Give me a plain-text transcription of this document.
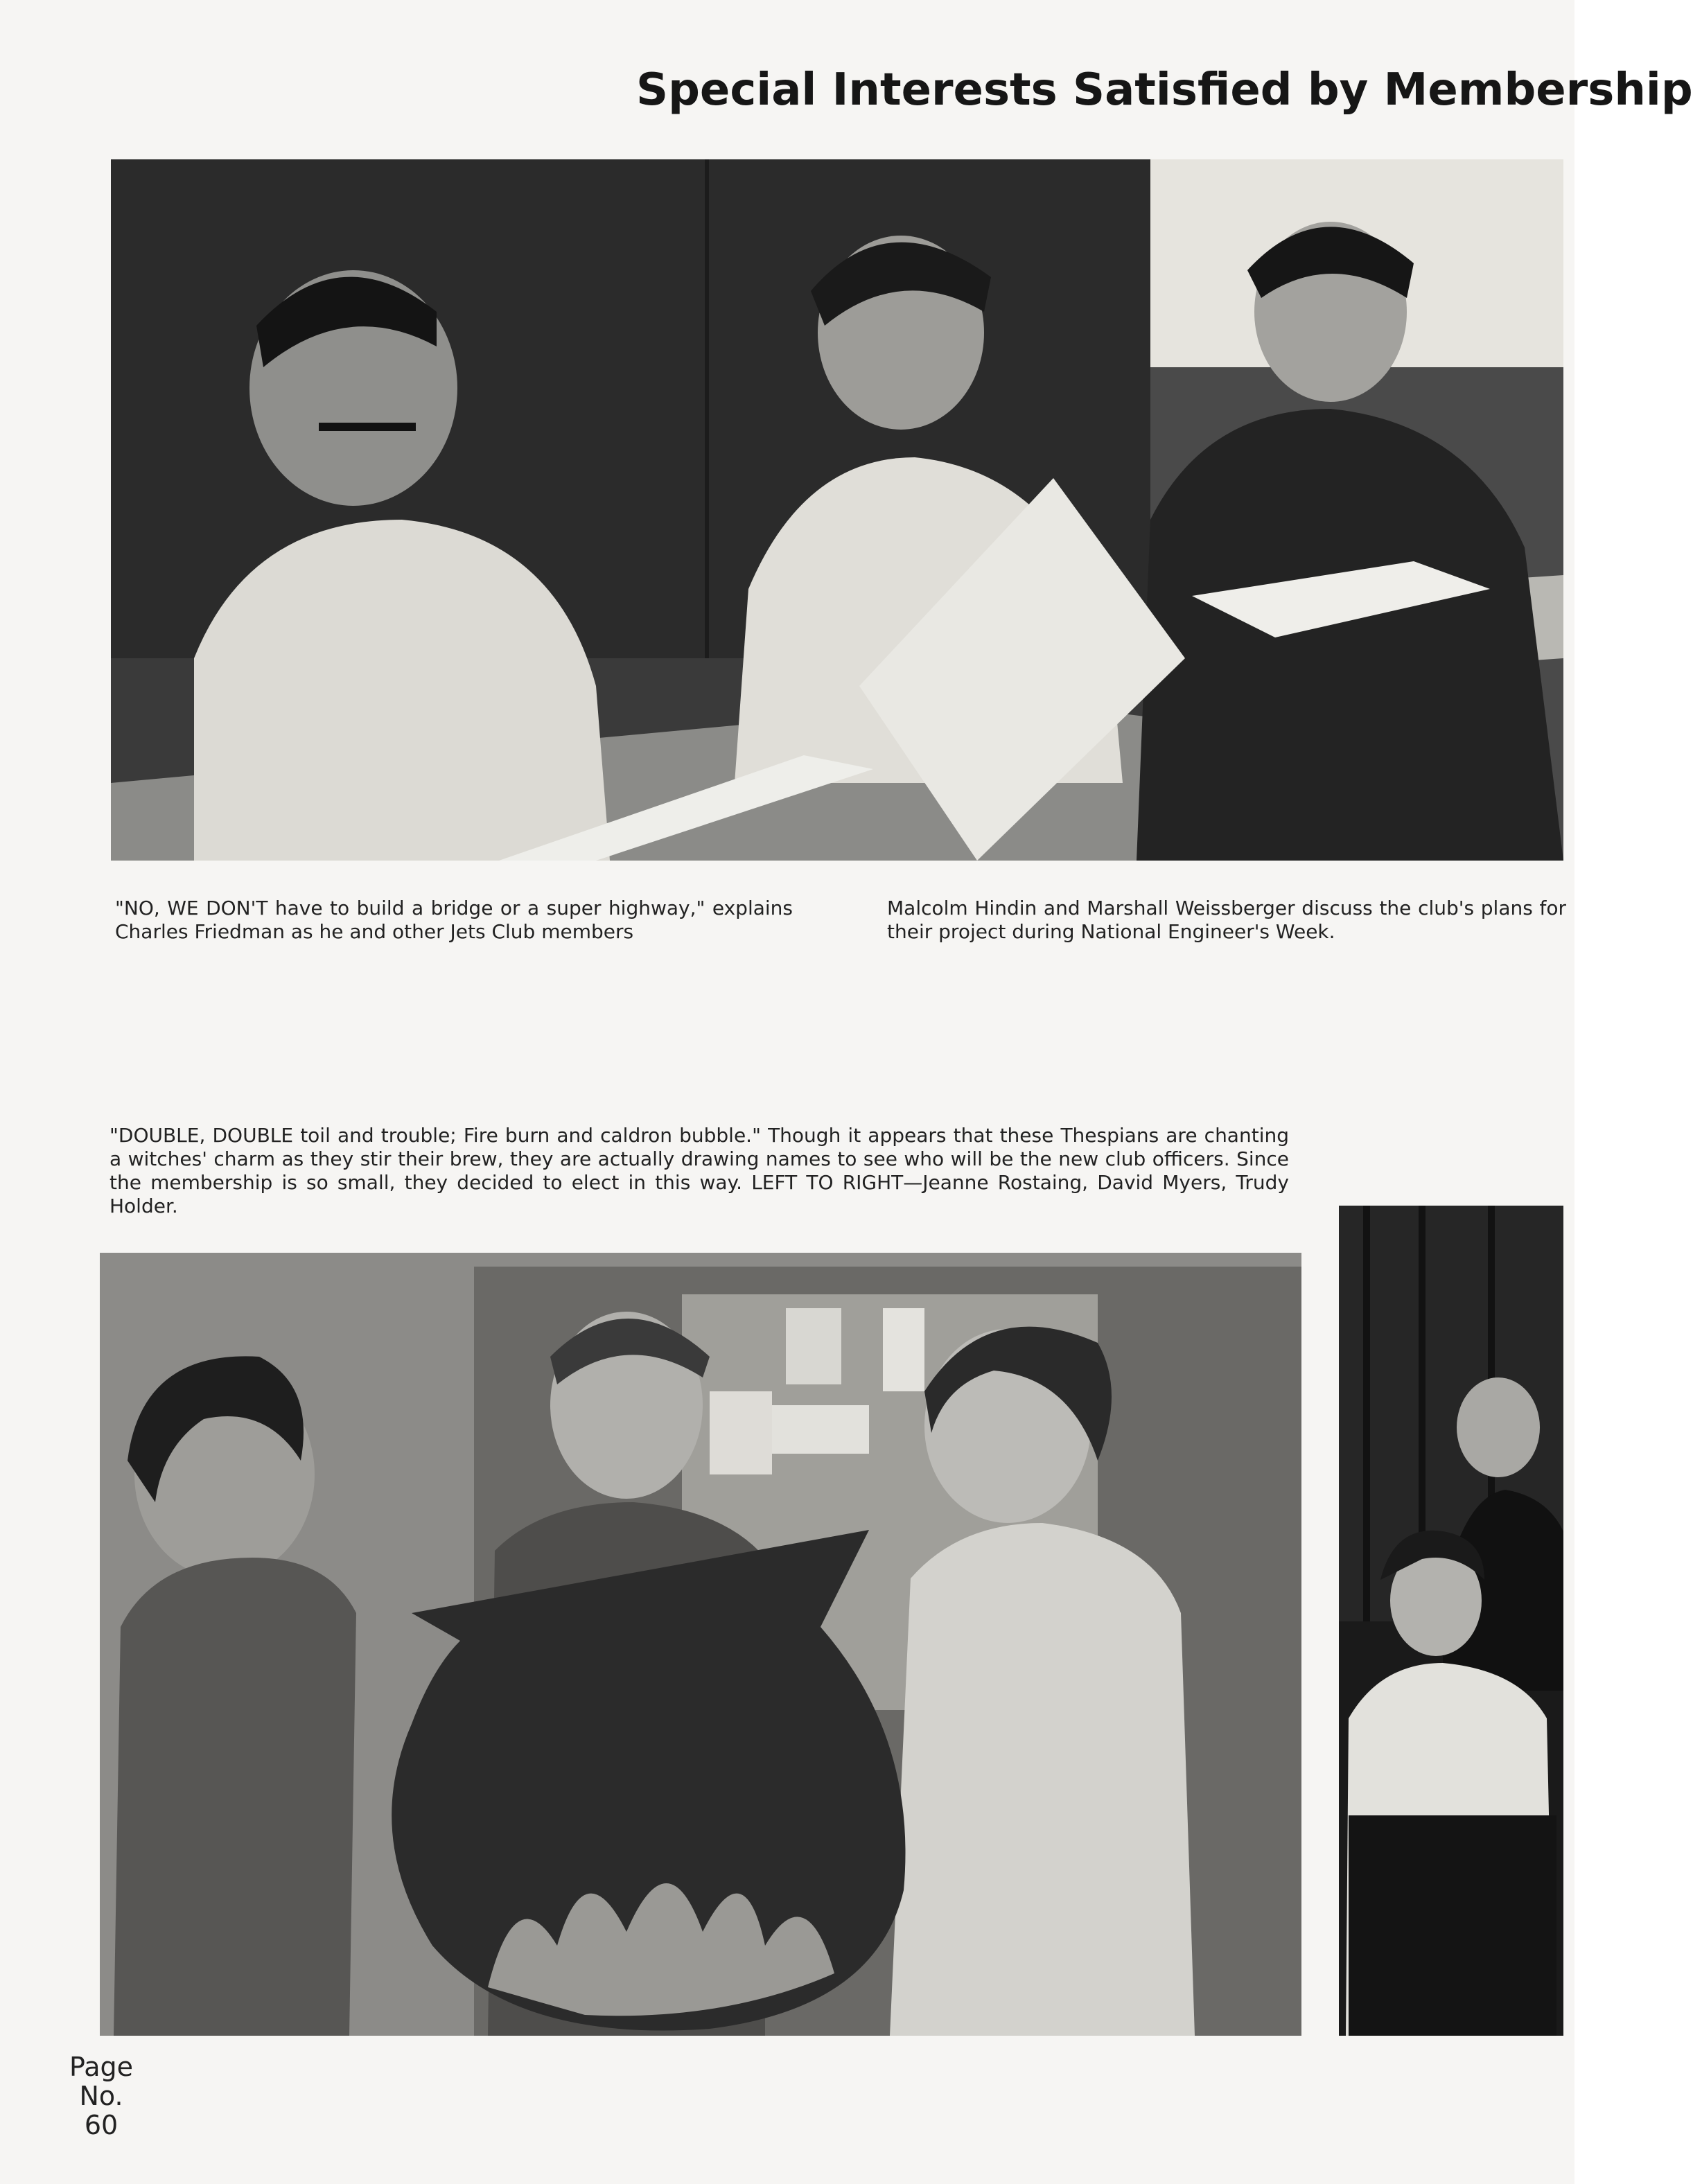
Special Interests Satisfied by Membership
"NO, WE DON'T have to build a bridge or a super highway," explains Charles Friedman as he and other Jets Club members
Malcolm Hindin and Marshall Weissberger discuss the club's plans for their project during National Engineer's Week.
"DOUBLE, DOUBLE toil and trouble; Fire burn and caldron bubble." Though it appears that these Thespians are chanting a witches' charm as they stir their brew, they are actually drawing names to see who will be the new club officers. Since the membership is so small, they decided to elect in this way. LEFT TO RIGHT—Jeanne Rostaing, David Myers, Trudy Holder.
Page
No.
60
